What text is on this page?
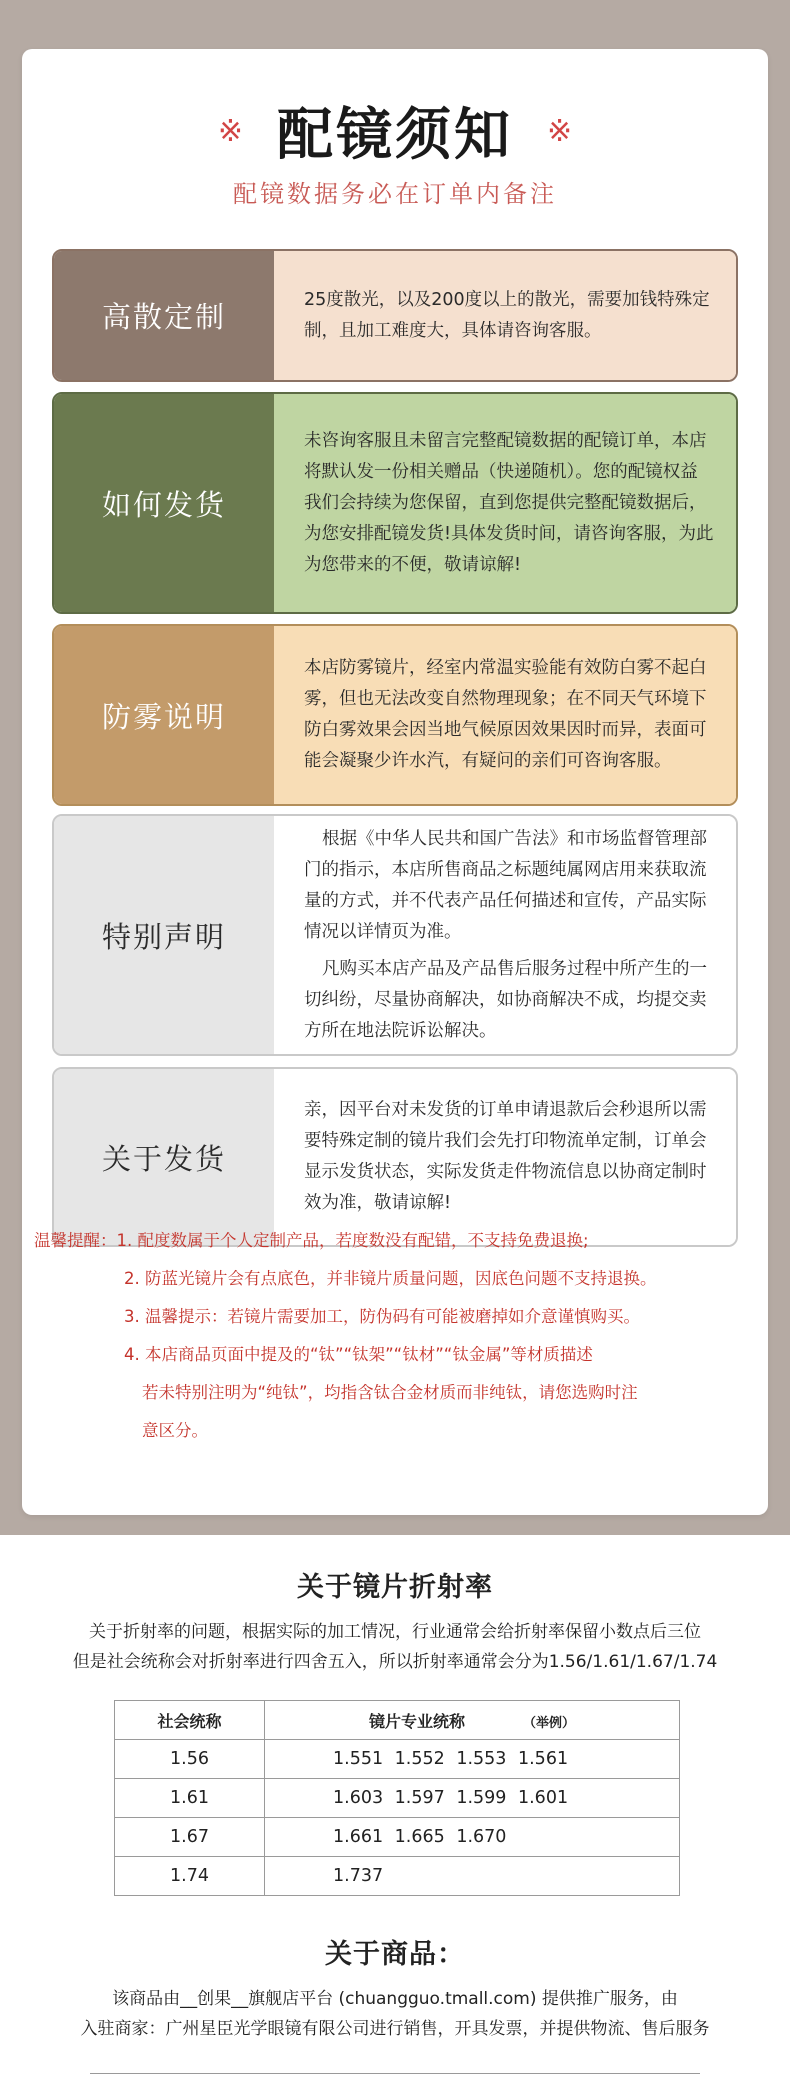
※ 配镜须知 ※
配镜数据务必在订单内备注
高散定制

25度散光，以及200度以上的散光，需要加钱特殊定制，且加工难度大，具体请咨询客服。

如何发货

未咨询客服且未留言完整配镜数据的配镜订单，本店将默认发一份相关赠品（快递随机）。您的配镜权益我们会持续为您保留，直到您提供完整配镜数据后，为您安排配镜发货!具体发货时间，请咨询客服，为此为您带来的不便，敬请谅解!

防雾说明

本店防雾镜片，经室内常温实验能有效防白雾不起白雾，但也无法改变自然物理现象；在不同天气环境下防白雾效果会因当地气候原因效果因时而异，表面可能会凝聚少许水汽，有疑问的亲们可咨询客服。

特别声明

根据《中华人民共和国广告法》和市场监督管理部门的指示，本店所售商品之标题纯属网店用来获取流量的方式，并不代表产品任何描述和宣传，产品实际情况以详情页为准。

凡购买本店产品及产品售后服务过程中所产生的一切纠纷，尽量协商解决，如协商解决不成，均提交卖方所在地法院诉讼解决。

关于发货

亲，因平台对未发货的订单申请退款后会秒退所以需要特殊定制的镜片我们会先打印物流单定制，订单会显示发货状态，实际发货走件物流信息以协商定制时效为准，敬请谅解!

温馨提醒：1. 配度数属于个人定制产品，若度数没有配错，不支持免费退换;
2. 防蓝光镜片会有点底色，并非镜片质量问题，因底色问题不支持退换。
3. 温馨提示：若镜片需要加工，防伪码有可能被磨掉如介意谨慎购买。
4. 本店商品页面中提及的“钛”“钛架”“钛材”“钛金属”等材质描述
若未特别注明为“纯钛”，均指含钛合金材质而非纯钛，请您选购时注
意区分。
关于镜片折射率
关于折射率的问题，根据实际的加工情况，行业通常会给折射率保留小数点后三位
但是社会统称会对折射率进行四舍五入，所以折射率通常会分为1.56/1.61/1.67/1.74
社会统称	镜片专业统称 （举例）
1.56	1.551 1.552 1.553 1.561
1.61	1.603 1.597 1.599 1.601
1.67	1.661 1.665 1.670
1.74	1.737
关于商品：
该商品由__创果__旗舰店平台 (chuangguo.tmall.com) 提供推广服务，由
入驻商家：广州星臣光学眼镜有限公司进行销售，开具发票，并提供物流、售后服务
